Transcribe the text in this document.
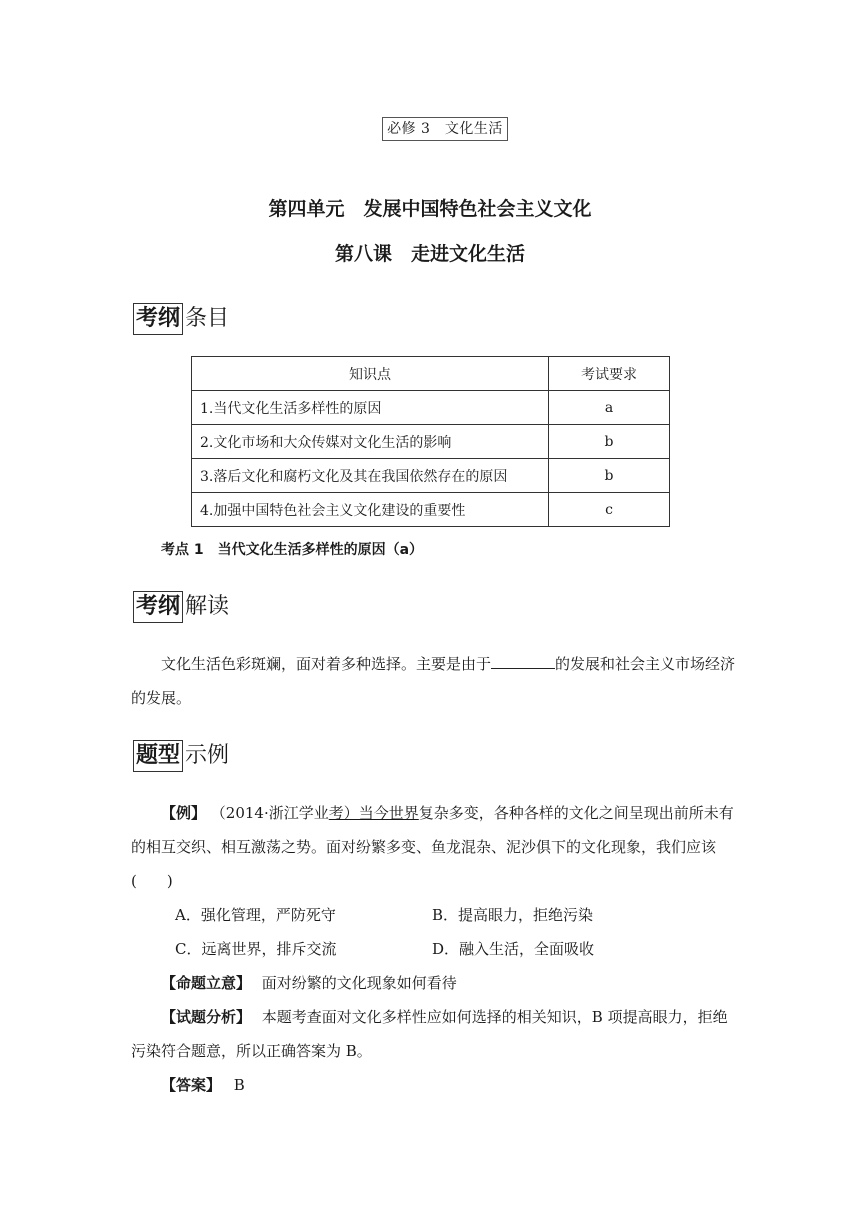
必修 3　文化生活
第四单元　发展中国特色社会主义文化
第八课　走进文化生活
考纲 条目
知识点	考试要求
1.当代文化生活多样性的原因	a
2.文化市场和大众传媒对文化生活的影响	b
3.落后文化和腐朽文化及其在我国依然存在的原因	b
4.加强中国特色社会主义文化建设的重要性	c
考点 1　当代文化生活多样性的原因（a）
考纲 解读
文化生活色彩斑斓，面对着多种选择。主要是由于	的发展和社会主义市场经济
的发展。
题型 示例
【例】 （2014·浙江学业考）当今世界复杂多变，各种各样的文化之间呈现出前所未有
的相互交织、相互激荡之势。面对纷繁多变、鱼龙混杂、泥沙俱下的文化现象，我们应该
(　　)
A．强化管理，严防死守	B．提高眼力，拒绝污染
C．远离世界，排斥交流	D．融入生活，全面吸收
【命题立意】 面对纷繁的文化现象如何看待
【试题分析】 本题考查面对文化多样性应如何选择的相关知识，B 项提高眼力，拒绝
污染符合题意，所以正确答案为 B。
【答案】 B
